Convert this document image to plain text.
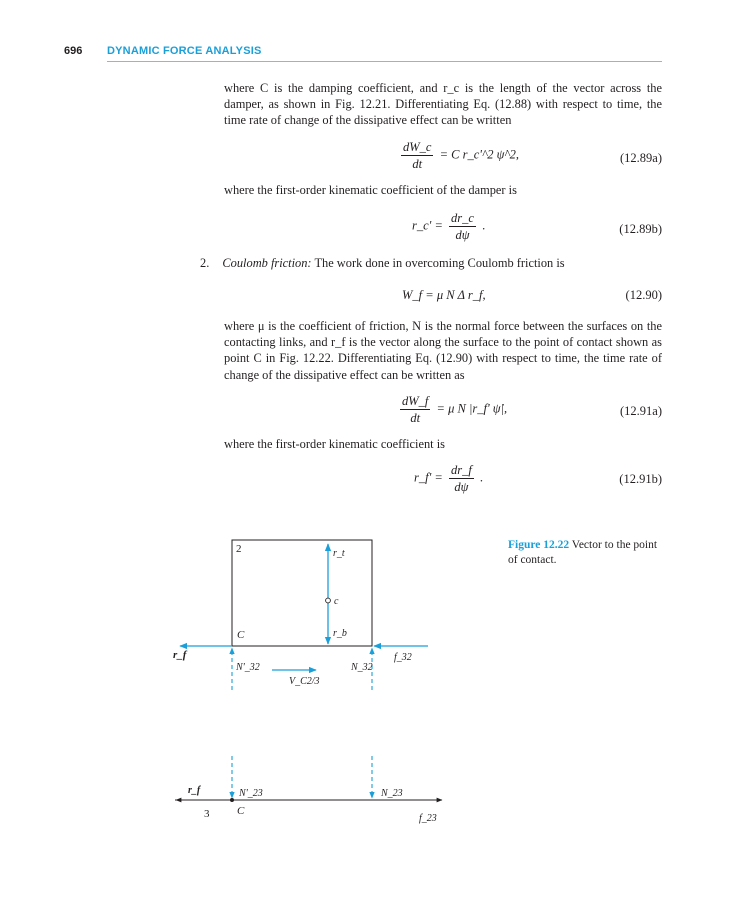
696 DYNAMIC FORCE ANALYSIS

where C is the damping coefficient, and r_c is the length of the vector across the damper, as shown in Fig. 12.21. Differentiating Eq. (12.88) with respect to time, the time rate of change of the dissipative effect can be written

$\frac{dW\_c}{dt} = C$ r_c'^2 ψ̇^2,	(12.89a)

where the first-order kinematic coefficient of the damper is

r_c' = $\frac{dr\_c}{d\psi}$ .	(12.89b)
2. Coulomb friction: The work done in overcoming Coulomb friction is
W_f = μ N Δ r_f,	(12.90)

where μ is the coefficient of friction, N is the normal force between the surfaces on the contacting links, and r_f is the vector along the surface to the point of contact shown as point C in Fig. 12.22. Differentiating Eq. (12.90) with respect to time, the time rate of change of the dissipative effect can be written as

$\frac{dW\_f}{dt} = \mu$ N |r_f' ψ̇|,	(12.91a)

where the first-order kinematic coefficient is

r_f' = $\frac{dr\_f}{d\psi}$ .	(12.91b)
Figure 12.22 Vector to the point of contact.
2	r_t
c
r_b
C
r_f	f_32
N'_32
V_C2/3
N_32
r_f
3
N'_23
C
N_23
f_23
